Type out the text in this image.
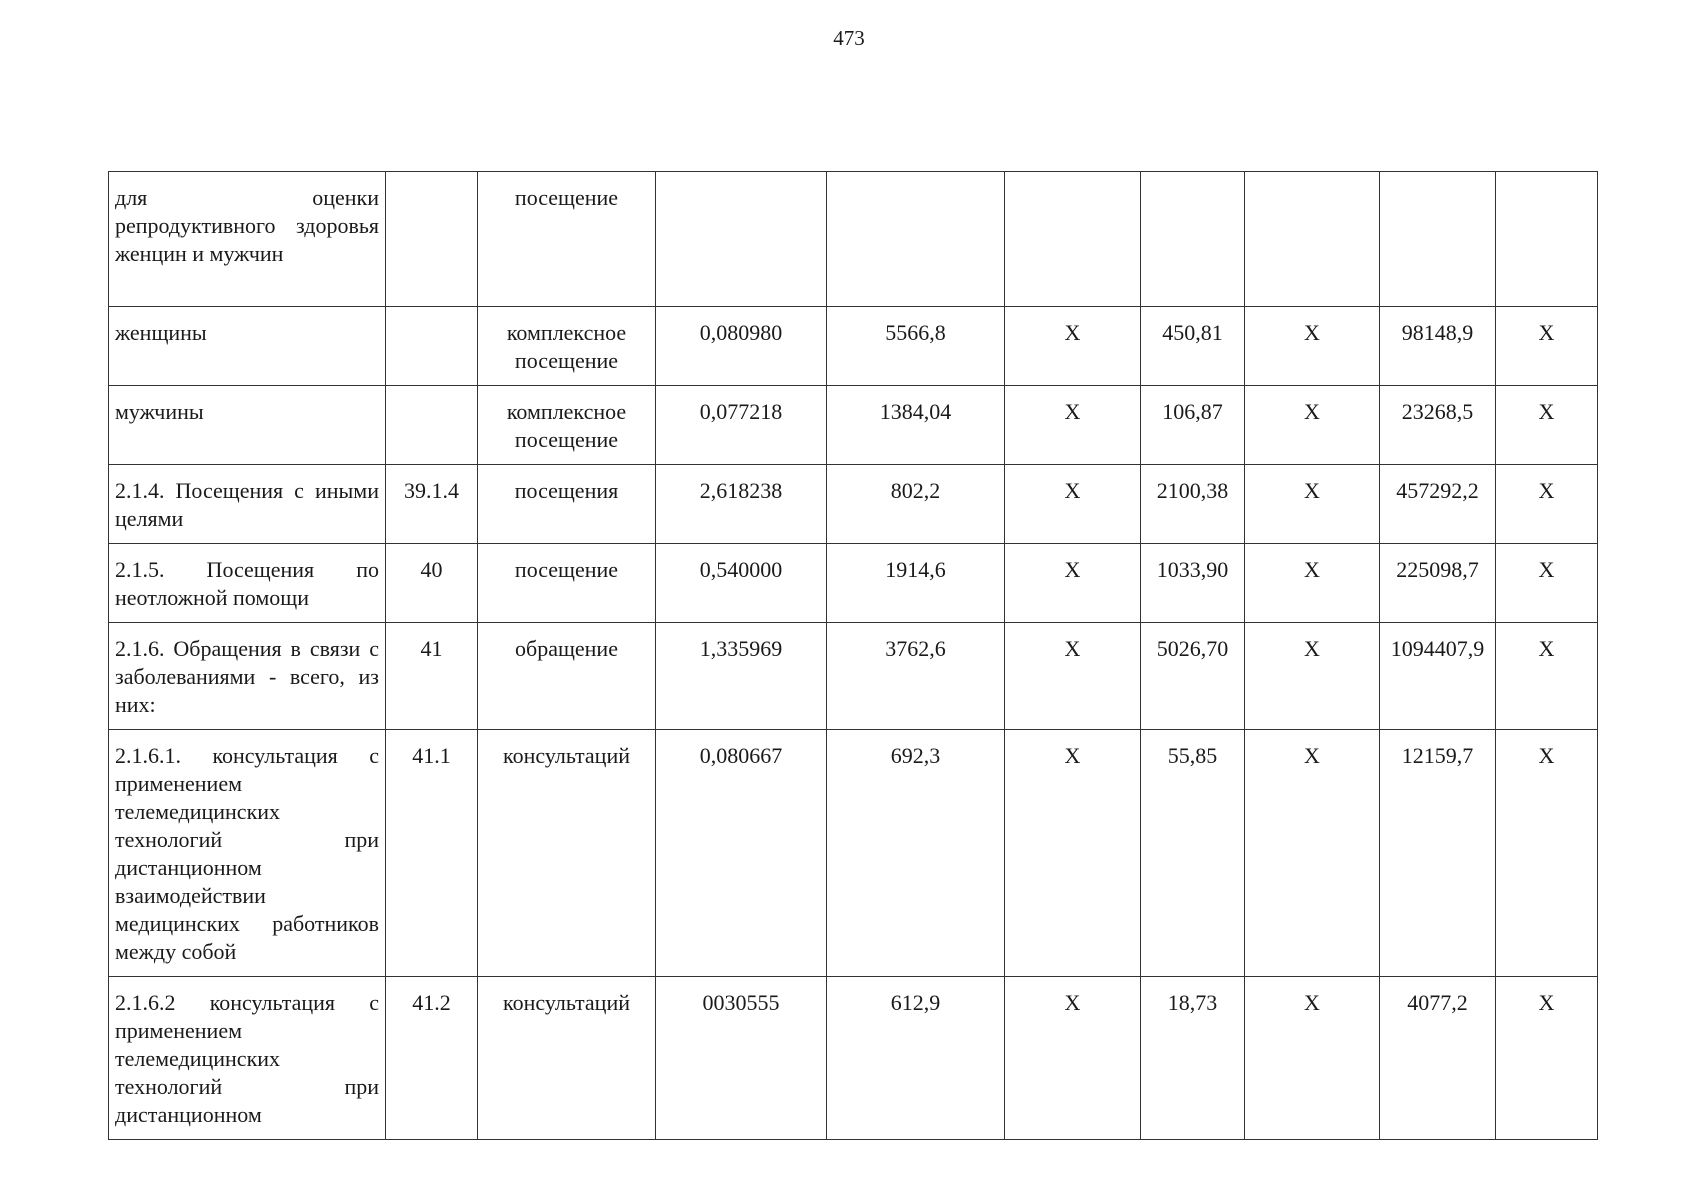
473
для оценки репродуктивного здоровья женцин и мужчин		посещение							
женщины		комплексное посещение	0,080980	5566,8	Х	450,81	Х	98148,9	Х
мужчины		комплексное посещение	0,077218	1384,04	Х	106,87	Х	23268,5	Х
2.1.4. Посещения с иными целями	39.1.4	посещения	2,618238	802,2	Х	2100,38	Х	457292,2	Х
2.1.5. Посещения по неотложной помощи	40	посещение	0,540000	1914,6	Х	1033,90	Х	225098,7	Х
2.1.6. Обращения в связи с заболеваниями - всего, из них:	41	обращение	1,335969	3762,6	Х	5026,70	Х	1094407,9	Х
2.1.6.1. консультация с применением телемедицинских технологий при дистанционном взаимодействии медицинских работников между собой	41.1	консультаций	0,080667	692,3	Х	55,85	Х	12159,7	Х
2.1.6.2 консультация с применением телемедицинских технологий при дистанционном	41.2	консультаций	0030555	612,9	Х	18,73	Х	4077,2	Х
